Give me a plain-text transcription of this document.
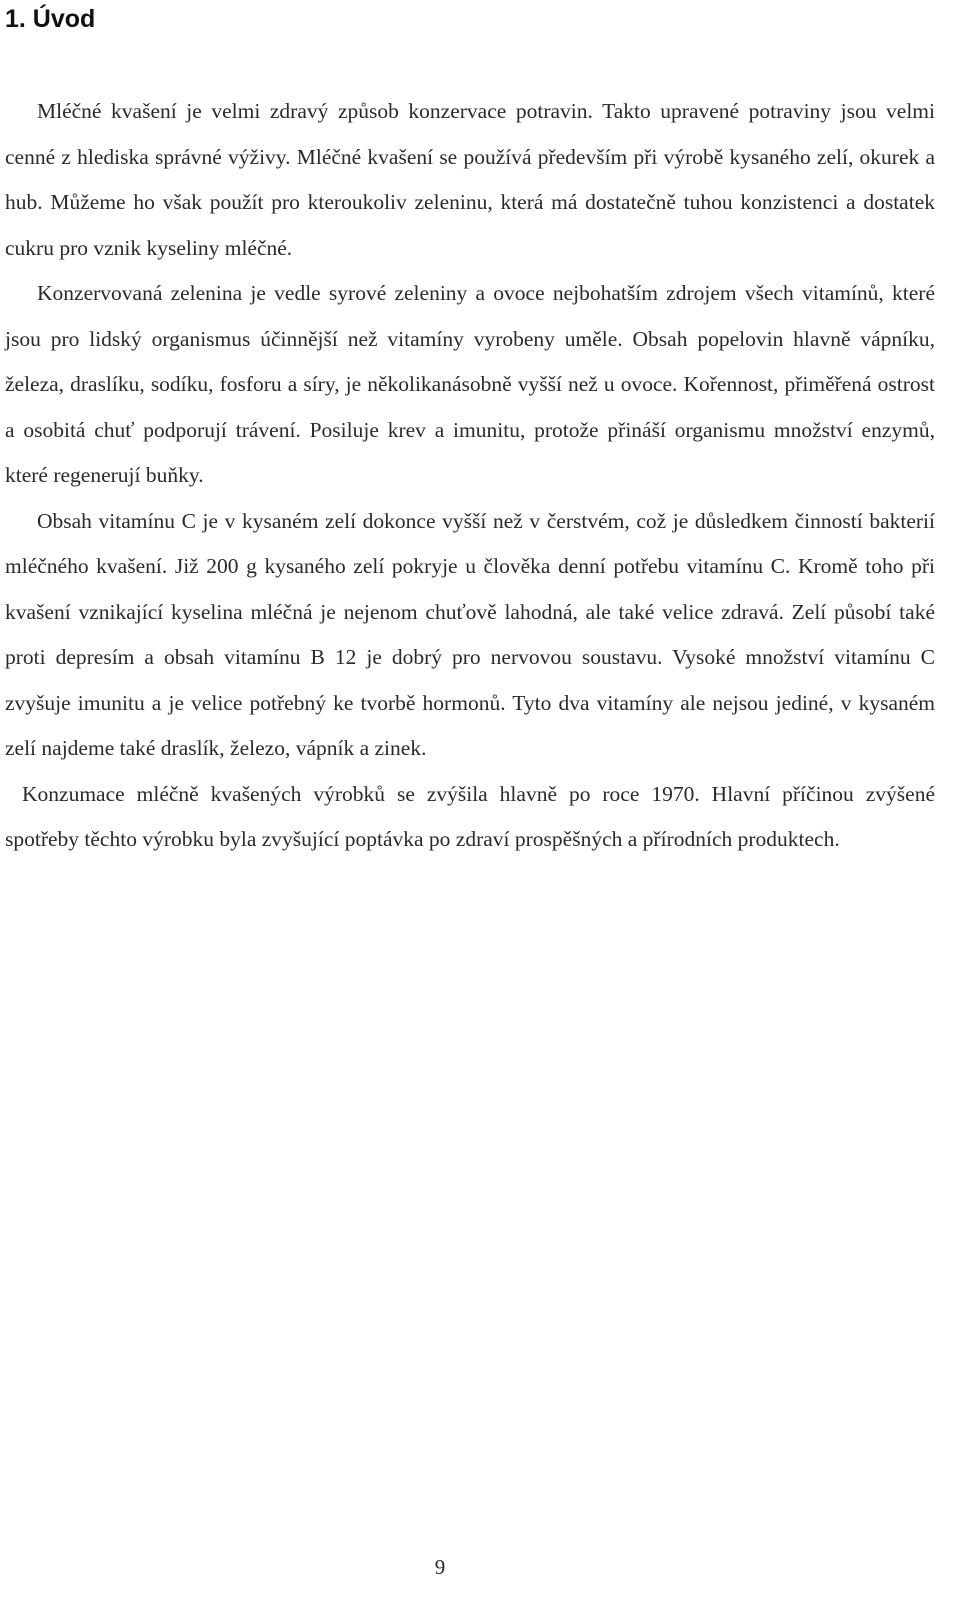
1. Úvod

Mléčné kvašení je velmi zdravý způsob konzervace potravin. Takto upravené potraviny jsou velmi cenné z hlediska správné výživy. Mléčné kvašení se používá především při výrobě kysaného zelí, okurek a hub. Můžeme ho však použít pro kteroukoliv zeleninu, která má dostatečně tuhou konzistenci a dostatek cukru pro vznik kyseliny mléčné.

Konzervovaná zelenina je vedle syrové zeleniny a ovoce nejbohatším zdrojem všech vitamínů, které jsou pro lidský organismus účinnější než vitamíny vyrobeny uměle. Obsah popelovin hlavně vápníku, železa, draslíku, sodíku, fosforu a síry, je několikanásobně vyšší než u ovoce. Kořennost, přiměřená ostrost a osobitá chuť podporují trávení. Posiluje krev a imunitu, protože přináší organismu množství enzymů, které regenerují buňky.

Obsah vitamínu C je v kysaném zelí dokonce vyšší než v čerstvém, což je důsledkem činností bakterií mléčného kvašení. Již 200 g kysaného zelí pokryje u člověka denní potřebu vitamínu C. Kromě toho při kvašení vznikající kyselina mléčná je nejenom chuťově lahodná, ale také velice zdravá. Zelí působí také proti depresím a obsah vitamínu B 12 je dobrý pro nervovou soustavu. Vysoké množství vitamínu C zvyšuje imunitu a je velice potřebný ke tvorbě hormonů. Tyto dva vitamíny ale nejsou jediné, v kysaném zelí najdeme také draslík, železo, vápník a zinek.

Konzumace mléčně kvašených výrobků se zvýšila hlavně po roce 1970. Hlavní příčinou zvýšené spotřeby těchto výrobku byla zvyšující poptávka po zdraví prospěšných a přírodních produktech.

9
